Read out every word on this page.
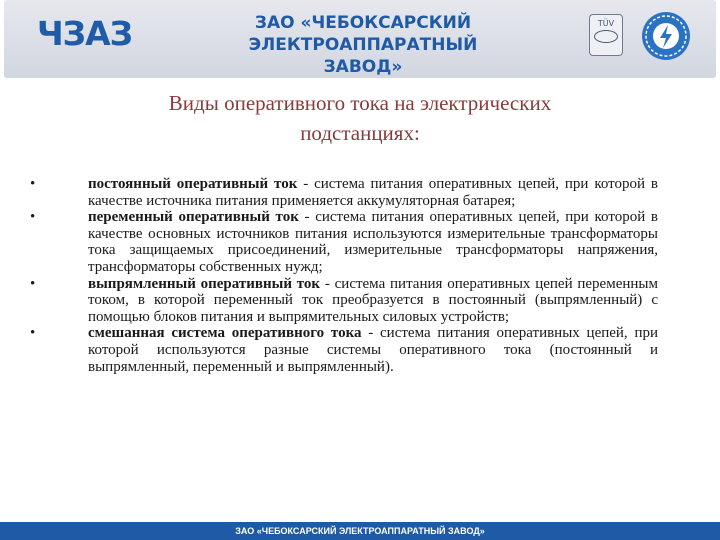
ЧЗАЗ	ЗАО «ЧЕБОКСАРСКИЙ
ЭЛЕКТРОАППАРАТНЫЙ ЗАВОД»
TÜV
Виды оперативного тока на электрических
подстанциях:
•	постоянный оперативный ток - система питания оперативных цепей, при которой в качестве источника питания применяется аккумуляторная батарея;
•	переменный оперативный ток - система питания оперативных цепей, при которой в качестве основных источников питания используются измерительные трансформаторы тока защищаемых присоединений, измерительные трансформаторы напряжения, трансформаторы собственных нужд;
•	выпрямленный оперативный ток - система питания оперативных цепей переменным током, в которой переменный ток преобразуется в постоянный (выпрямленный) с помощью блоков питания и выпрямительных силовых устройств;
•	смешанная система оперативного тока - система питания оперативных цепей, при которой используются разные системы оперативного тока (постоянный и выпрямленный, переменный и выпрямленный).
ЗАО «ЧЕБОКСАРСКИЙ ЭЛЕКТРОАППАРАТНЫЙ ЗАВОД»
